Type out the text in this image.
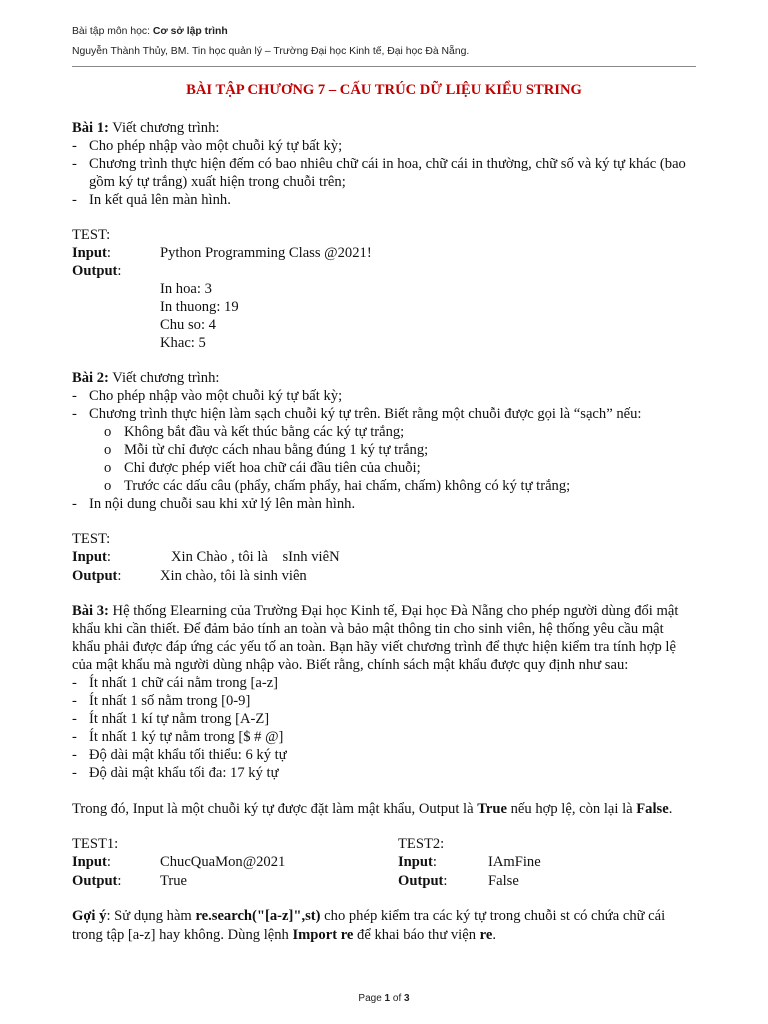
Bài tập môn học: Cơ sở lập trình
Nguyễn Thành Thủy, BM. Tin học quản lý – Trường Đại học Kinh tế, Đại học Đà Nẵng.
BÀI TẬP CHƯƠNG 7 – CẤU TRÚC DỮ LIỆU KIỂU STRING
Bài 1: Viết chương trình:
- Cho phép nhập vào một chuỗi ký tự bất kỳ;
- Chương trình thực hiện đếm có bao nhiêu chữ cái in hoa, chữ cái in thường, chữ số và ký tự khác (bao
gồm ký tự trắng) xuất hiện trong chuỗi trên;
- In kết quả lên màn hình.
TEST:
Input:	Python Programming Class @2021!
Output:
In hoa: 3
In thuong: 19
Chu so: 4
Khac: 5
Bài 2: Viết chương trình:
- Cho phép nhập vào một chuỗi ký tự bất kỳ;
- Chương trình thực hiện làm sạch chuỗi ký tự trên. Biết rằng một chuỗi được gọi là “sạch” nếu:
o Không bắt đầu và kết thúc bằng các ký tự trắng;
o Mỗi từ chỉ được cách nhau bằng đúng 1 ký tự trắng;
o Chỉ được phép viết hoa chữ cái đầu tiên của chuỗi;
o Trước các dấu câu (phẩy, chấm phẩy, hai chấm, chấm) không có ký tự trắng;
- In nội dung chuỗi sau khi xử lý lên màn hình.
TEST:
Input:	Xin Chào , tôi là    sInh viêN
Output:	Xin chào, tôi là sinh viên
Bài 3: Hệ thống Elearning của Trường Đại học Kinh tế, Đại học Đà Nẵng cho phép người dùng đổi mật
khẩu khi cần thiết. Để đảm bảo tính an toàn và bảo mật thông tin cho sinh viên, hệ thống yêu cầu mật
khẩu phải được đáp ứng các yếu tố an toàn. Bạn hãy viết chương trình để thực hiện kiểm tra tính hợp lệ
của mật khẩu mà người dùng nhập vào. Biết rằng, chính sách mật khẩu được quy định như sau:
- Ít nhất 1 chữ cái nằm trong [a-z]
- Ít nhất 1 số nằm trong [0-9]
- Ít nhất 1 kí tự nằm trong [A-Z]
- Ít nhất 1 ký tự nằm trong [$ # @]
- Độ dài mật khẩu tối thiểu: 6 ký tự
- Độ dài mật khẩu tối đa: 17 ký tự
Trong đó, Input là một chuỗi ký tự được đặt làm mật khẩu, Output là True nếu hợp lệ, còn lại là False.
TEST1:	TEST2:
Input:	ChucQuaMon@2021	Input:	IAmFine
Output:	True	Output:	False
Gợi ý: Sử dụng hàm re.search("[a-z]",st) cho phép kiểm tra các ký tự trong chuỗi st có chứa chữ cái
trong tập [a-z] hay không. Dùng lệnh Import re để khai báo thư viện re.
Page 1 of 3
